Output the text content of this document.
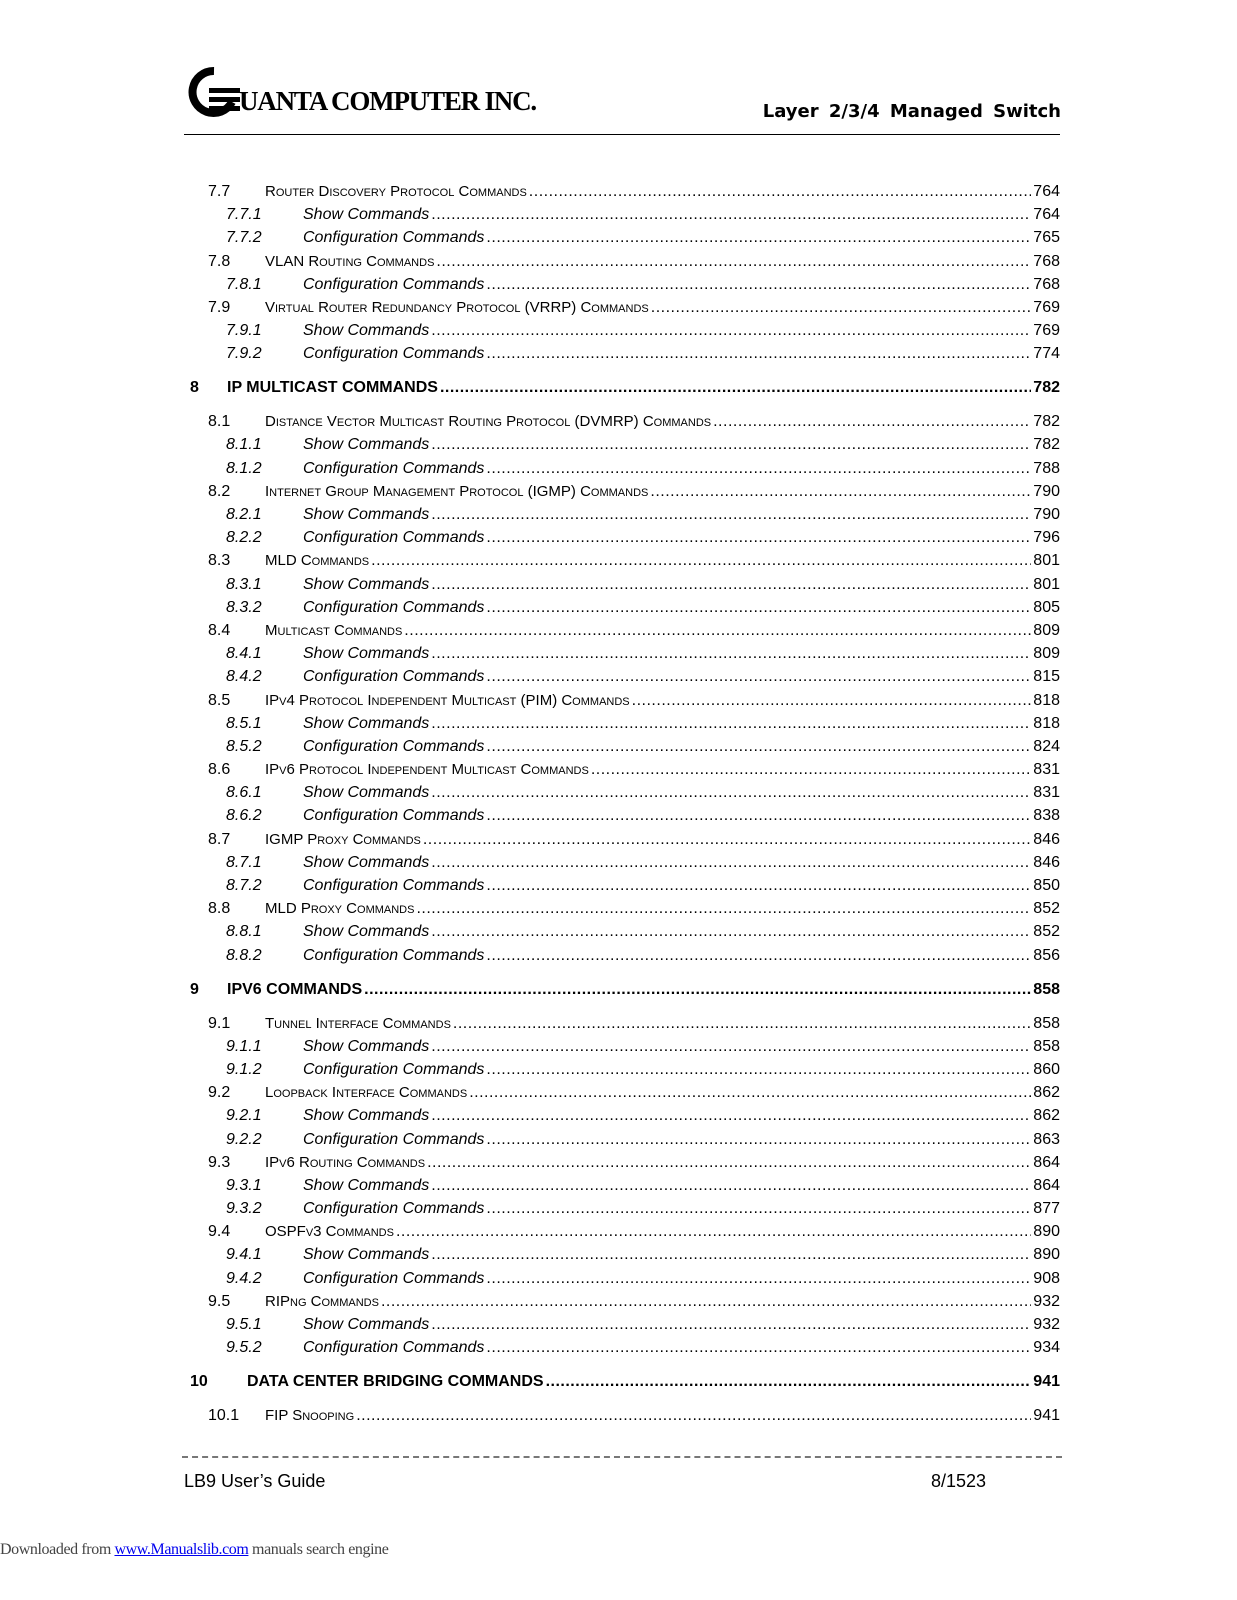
UANTA COMPUTER INC.	Layer 2/3/4 Managed Switch
7.7	Router Discovery Protocol Commands .....	764
7.7.1	Show Commands .....	764
7.7.2	Configuration Commands .....	765
7.8	VLAN Routing Commands .....	768
7.8.1	Configuration Commands .....	768
7.9	Virtual Router Redundancy Protocol (VRRP) Commands .....	769
7.9.1	Show Commands .....	769
7.9.2	Configuration Commands .....	774
8	IP MULTICAST COMMANDS .....	782
8.1	Distance Vector Multicast Routing Protocol (DVMRP) Commands .....	782
8.1.1	Show Commands .....	782
8.1.2	Configuration Commands .....	788
8.2	Internet Group Management Protocol (IGMP) Commands .....	790
8.2.1	Show Commands .....	790
8.2.2	Configuration Commands .....	796
8.3	MLD Commands .....	801
8.3.1	Show Commands .....	801
8.3.2	Configuration Commands .....	805
8.4	Multicast Commands .....	809
8.4.1	Show Commands .....	809
8.4.2	Configuration Commands .....	815
8.5	IPv4 Protocol Independent Multicast (PIM) Commands .....	818
8.5.1	Show Commands .....	818
8.5.2	Configuration Commands .....	824
8.6	IPv6 Protocol Independent Multicast Commands .....	831
8.6.1	Show Commands .....	831
8.6.2	Configuration Commands .....	838
8.7	IGMP Proxy Commands .....	846
8.7.1	Show Commands .....	846
8.7.2	Configuration Commands .....	850
8.8	MLD Proxy Commands .....	852
8.8.1	Show Commands .....	852
8.8.2	Configuration Commands .....	856
9	IPV6 COMMANDS .....	858
9.1	Tunnel Interface Commands .....	858
9.1.1	Show Commands .....	858
9.1.2	Configuration Commands .....	860
9.2	Loopback Interface Commands .....	862
9.2.1	Show Commands .....	862
9.2.2	Configuration Commands .....	863
9.3	IPv6 Routing Commands .....	864
9.3.1	Show Commands .....	864
9.3.2	Configuration Commands .....	877
9.4	OSPFv3 Commands .....	890
9.4.1	Show Commands .....	890
9.4.2	Configuration Commands .....	908
9.5	RIPng Commands .....	932
9.5.1	Show Commands .....	932
9.5.2	Configuration Commands .....	934
10	DATA CENTER BRIDGING COMMANDS .....	941
10.1	FIP Snooping .....	941
LB9 User’s Guide	8/1523
Downloaded from www.Manualslib.com manuals search engine
